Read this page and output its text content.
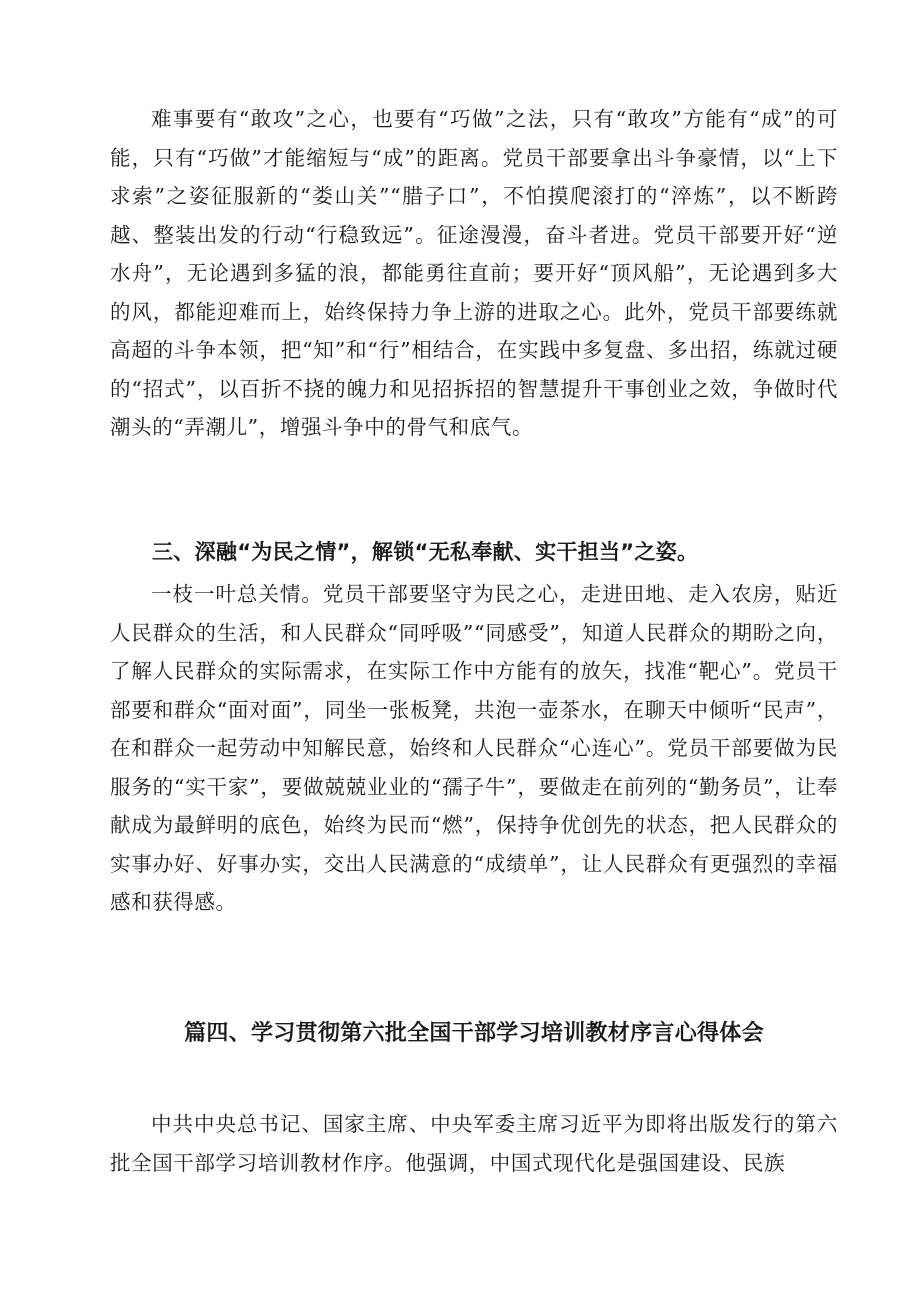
难事要有“敢攻”之心，也要有“巧做”之法，只有“敢攻”方能有“成”的可能，只有“巧做”才能缩短与“成”的距离。党员干部要拿出斗争豪情，以“上下求索”之姿征服新的“娄山关”“腊子口”，不怕摸爬滚打的“淬炼”，以不断跨越、整装出发的行动“行稳致远”。征途漫漫，奋斗者进。党员干部要开好“逆水舟”，无论遇到多猛的浪，都能勇往直前；要开好“顶风船”，无论遇到多大的风，都能迎难而上，始终保持力争上游的进取之心。此外，党员干部要练就高超的斗争本领，把“知”和“行”相结合，在实践中多复盘、多出招，练就过硬的“招式”，以百折不挠的魄力和见招拆招的智慧提升干事创业之效，争做时代潮头的“弄潮儿”，增强斗争中的骨气和底气。

三、深融“为民之情”，解锁“无私奉献、实干担当”之姿。

一枝一叶总关情。党员干部要坚守为民之心，走进田地、走入农房，贴近人民群众的生活，和人民群众“同呼吸”“同感受”，知道人民群众的期盼之向，了解人民群众的实际需求，在实际工作中方能有的放矢，找准“靶心”。党员干部要和群众“面对面”，同坐一张板凳，共泡一壶茶水，在聊天中倾听“民声”，在和群众一起劳动中知解民意，始终和人民群众“心连心”。党员干部要做为民服务的“实干家”，要做兢兢业业的“孺子牛”，要做走在前列的“勤务员”，让奉献成为最鲜明的底色，始终为民而“燃”，保持争优创先的状态，把人民群众的实事办好、好事办实，交出人民满意的“成绩单”，让人民群众有更强烈的幸福感和获得感。

篇四、学习贯彻第六批全国干部学习培训教材序言心得体会

中共中央总书记、国家主席、中央军委主席习近平为即将出版发行的第六批全国干部学习培训教材作序。他强调，中国式现代化是强国建设、民族
